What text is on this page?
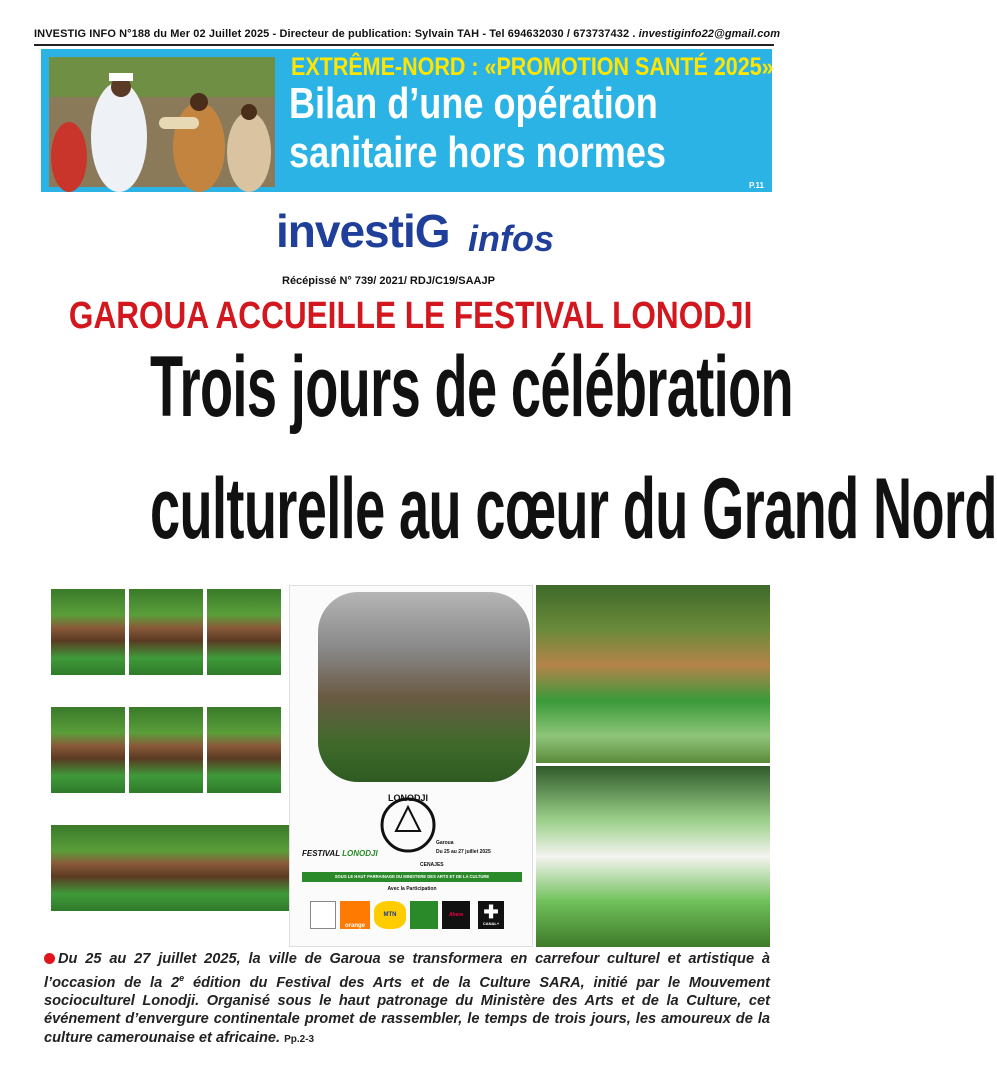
INVESTIG INFO N°188 du Mer 02 Juillet 2025 - Directeur de publication: Sylvain TAH - Tel 694632030 / 673737432 . investiginfo22@gmail.com
EXTRÊME-NORD : «PROMOTION SANTÉ 2025»
Bilan d’une opération
sanitaire hors normes
P.11
investiG infos
Récépissé N° 739/ 2021/ RDJ/C19/SAAJP
GAROUA ACCUEILLE LE FESTIVAL LONODJI
Trois jours de célébration
culturelle au cœur du Grand Nord
LONODJI
FESTIVAL LONODJI
Garoua
Du 25 au 27 juillet 2025
CENAJES
SOUS LE HAUT PARRAINAGE DU MINISTERE DES ARTS ET DE LA CULTURE
Avec la Participation
orange
MTN	Abera	✚
CANAL+
Du 25 au 27 juillet 2025, la ville de Garoua se transformera en carrefour culturel et artistique à l’occasion de la 2e édition du Festival des Arts et de la Culture SARA, initié par le Mouvement socioculturel Lonodji. Organisé sous le haut patronage du Ministère des Arts et de la Culture, cet événement d’envergure continentale promet de rassembler, le temps de trois jours, les amoureux de la culture camerounaise et africaine. Pp.2-3
